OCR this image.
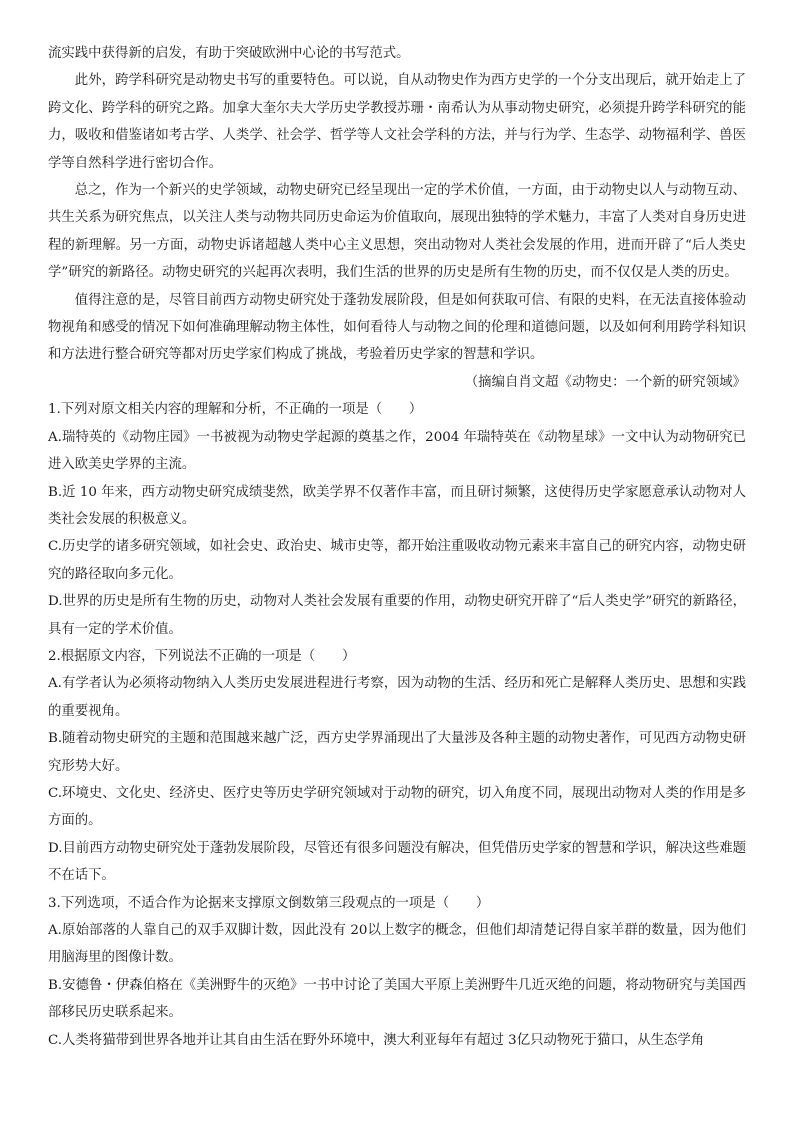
流实践中获得新的启发，有助于突破欧洲中心论的书写范式。

此外，跨学科研究是动物史书写的重要特色。可以说，自从动物史作为西方史学的一个分支出现后，就开始走上了跨文化、跨学科的研究之路。加拿大奎尔夫大学历史学教授苏珊・南希认为从事动物史研究，必须提升跨学科研究的能力，吸收和借鉴诸如考古学、人类学、社会学、哲学等人文社会学科的方法，并与行为学、生态学、动物福利学、兽医学等自然科学进行密切合作。

总之，作为一个新兴的史学领域，动物史研究已经呈现出一定的学术价值，一方面，由于动物史以人与动物互动、共生关系为研究焦点，以关注人类与动物共同历史命运为价值取向，展现出独特的学术魅力，丰富了人类对自身历史进程的新理解。另一方面，动物史诉诸超越人类中心主义思想，突出动物对人类社会发展的作用，进而开辟了“后人类史学”研究的新路径。动物史研究的兴起再次表明，我们生活的世界的历史是所有生物的历史，而不仅仅是人类的历史。

值得注意的是，尽管目前西方动物史研究处于蓬勃发展阶段，但是如何获取可信、有限的史料，在无法直接体验动物视角和感受的情况下如何准确理解动物主体性，如何看待人与动物之间的伦理和道德问题，以及如何利用跨学科知识和方法进行整合研究等都对历史学家们构成了挑战，考验着历史学家的智慧和学识。

（摘编自肖文超《动物史：一个新的研究领域》

1.下列对原文相关内容的理解和分析，不正确的一项是（　　）

A.瑞特英的《动物庄园》一书被视为动物史学起源的奠基之作，2004 年瑞特英在《动物星球》一文中认为动物研究已进入欧美史学界的主流。

B.近 10 年来，西方动物史研究成绩斐然，欧美学界不仅著作丰富，而且研讨频繁，这使得历史学家愿意承认动物对人类社会发展的积极意义。

C.历史学的诸多研究领域，如社会史、政治史、城市史等，都开始注重吸收动物元素来丰富自己的研究内容，动物史研究的路径取向多元化。

D.世界的历史是所有生物的历史，动物对人类社会发展有重要的作用，动物史研究开辟了“后人类史学”研究的新路径，具有一定的学术价值。

2.根据原文内容，下列说法不正确的一项是（　　）

A.有学者认为必须将动物纳入人类历史发展进程进行考察，因为动物的生活、经历和死亡是解释人类历史、思想和实践的重要视角。

B.随着动物史研究的主题和范围越来越广泛，西方史学界涌现出了大量涉及各种主题的动物史著作，可见西方动物史研究形势大好。

C.环境史、文化史、经济史、医疗史等历史学研究领域对于动物的研究，切入角度不同，展现出动物对人类的作用是多方面的。

D.目前西方动物史研究处于蓬勃发展阶段，尽管还有很多问题没有解决，但凭借历史学家的智慧和学识，解决这些难题不在话下。

3.下列选项，不适合作为论据来支撑原文倒数第三段观点的一项是（　　）

A.原始部落的人靠自己的双手双脚计数，因此没有 20以上数字的概念，但他们却清楚记得自家羊群的数量，因为他们用脑海里的图像计数。

B.安德鲁・伊森伯格在《美洲野牛的灭绝》一书中讨论了美国大平原上美洲野牛几近灭绝的问题，将动物研究与美国西部移民历史联系起来。

C.人类将猫带到世界各地并让其自由生活在野外环境中，澳大利亚每年有超过 3亿只动物死于猫口，从生态学角
